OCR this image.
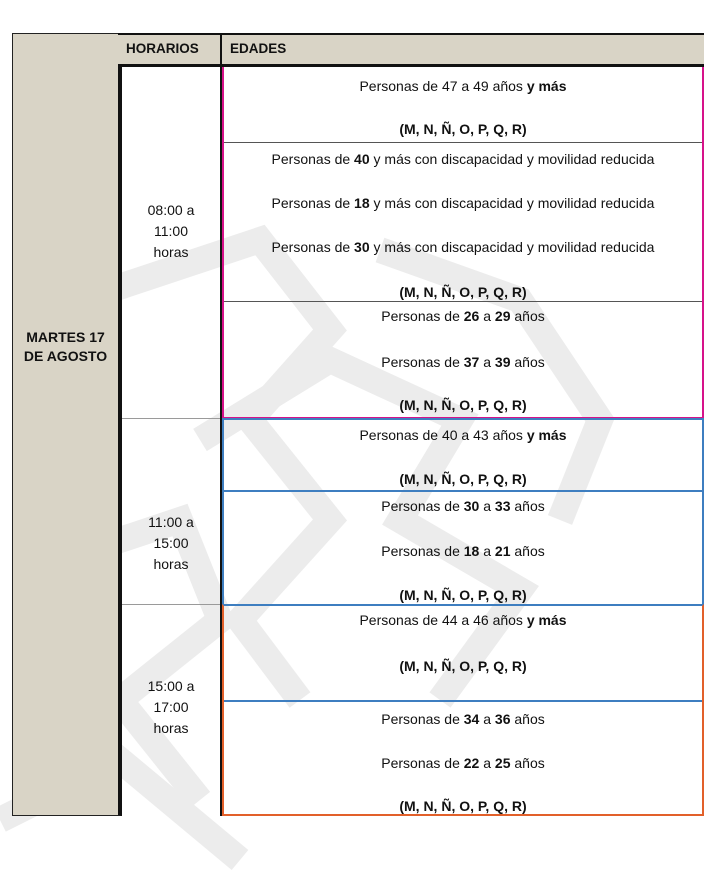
MARTES 17
DE AGOSTO
HORARIOS	EDADES
08:00 a
11:00
horas
11:00 a
15:00
horas
15:00 a
17:00
horas
Personas de 47 a 49 años y más
(M, N, Ñ, O, P, Q, R)
Personas de 40 y más con discapacidad y movilidad reducida
Personas de 18 y más con discapacidad y movilidad reducida
Personas de 30 y más con discapacidad y movilidad reducida
(M, N, Ñ, O, P, Q, R)
Personas de 26 a 29 años
Personas de 37 a 39 años
(M, N, Ñ, O, P, Q, R)
Personas de 40 a 43 años y más
(M, N, Ñ, O, P, Q, R)
Personas de 30 a 33 años
Personas de 18 a 21 años
(M, N, Ñ, O, P, Q, R)
Personas de 44 a 46 años y más
(M, N, Ñ, O, P, Q, R)
Personas de 34 a 36 años
Personas de 22 a 25 años
(M, N, Ñ, O, P, Q, R)
